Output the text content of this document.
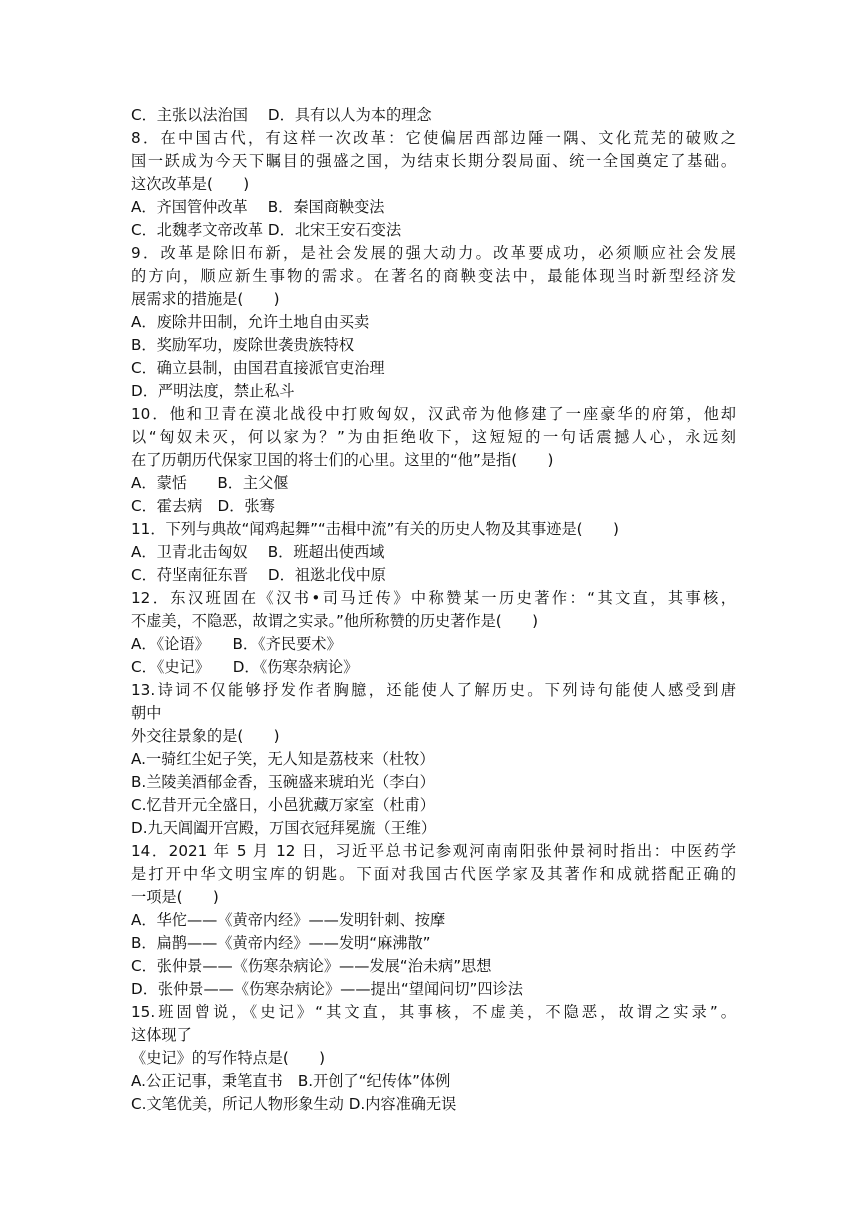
C．主张以法治国　 D．具有以人为本的理念
8．在中国古代，有这样一次改革：它使偏居西部边陲一隅、文化荒芜的破败之
国一跃成为今天下瞩目的强盛之国，为结束长期分裂局面、统一全国奠定了基础。
这次改革是(　　)
A．齐国管仲改革　 B．秦国商鞅变法
C．北魏孝文帝改革 D．北宋王安石变法
9．改革是除旧布新，是社会发展的强大动力。改革要成功，必须顺应社会发展
的方向，顺应新生事物的需求。在著名的商鞅变法中，最能体现当时新型经济发
展需求的措施是(　　)
A．废除井田制，允许土地自由买卖
B．奖励军功，废除世袭贵族特权
C．确立县制，由国君直接派官吏治理
D．严明法度，禁止私斗
10．他和卫青在漠北战役中打败匈奴，汉武帝为他修建了一座豪华的府第，他却
以“匈奴未灭，何以家为？”为由拒绝收下，这短短的一句话震撼人心，永远刻
在了历朝历代保家卫国的将士们的心里。这里的“他”是指(　　)
A．蒙恬　　B．主父偃
C．霍去病　D．张骞
11．下列与典故“闻鸡起舞”“击楫中流”有关的历史人物及其事迹是(　　)
A．卫青北击匈奴　 B．班超出使西域
C．苻坚南征东晋　 D．祖逖北伐中原
12．东汉班固在《汉书•司马迁传》中称赞某一历史著作：“其文直，其事核，
不虚美，不隐恶，故谓之实录。”他所称赞的历史著作是(　　)
A．《论语》　　B．《齐民要术》
C．《史记》　　D．《伤寒杂病论》
13.诗词不仅能够抒发作者胸臆，还能使人了解历史。下列诗句能使人感受到唐
朝中
外交往景象的是(　　)
A.一骑红尘妃子笑，无人知是荔枝来（杜牧）
B.兰陵美酒郁金香，玉碗盛来琥珀光（李白）
C.忆昔开元全盛日，小邑犹藏万家室（杜甫）
D.九天阊阖开宫殿，万国衣冠拜冕旒（王维）
14．2021 年 5 月 12 日，习近平总书记参观河南南阳张仲景祠时指出：中医药学
是打开中华文明宝库的钥匙。下面对我国古代医学家及其著作和成就搭配正确的
一项是(　　)
A．华佗——《黄帝内经》——发明针刺、按摩
B．扁鹊——《黄帝内经》——发明“麻沸散”
C．张仲景——《伤寒杂病论》——发展“治未病”思想
D．张仲景——《伤寒杂病论》——提出“望闻问切”四诊法
15.班固曾说，《史记》“其文直，其事核，不虚美，不隐恶，故谓之实录”。
这体现了
《史记》的写作特点是(　　)
A.公正记事，秉笔直书　B.开创了“纪传体”体例
C.文笔优美，所记人物形象生动 D.内容准确无误
